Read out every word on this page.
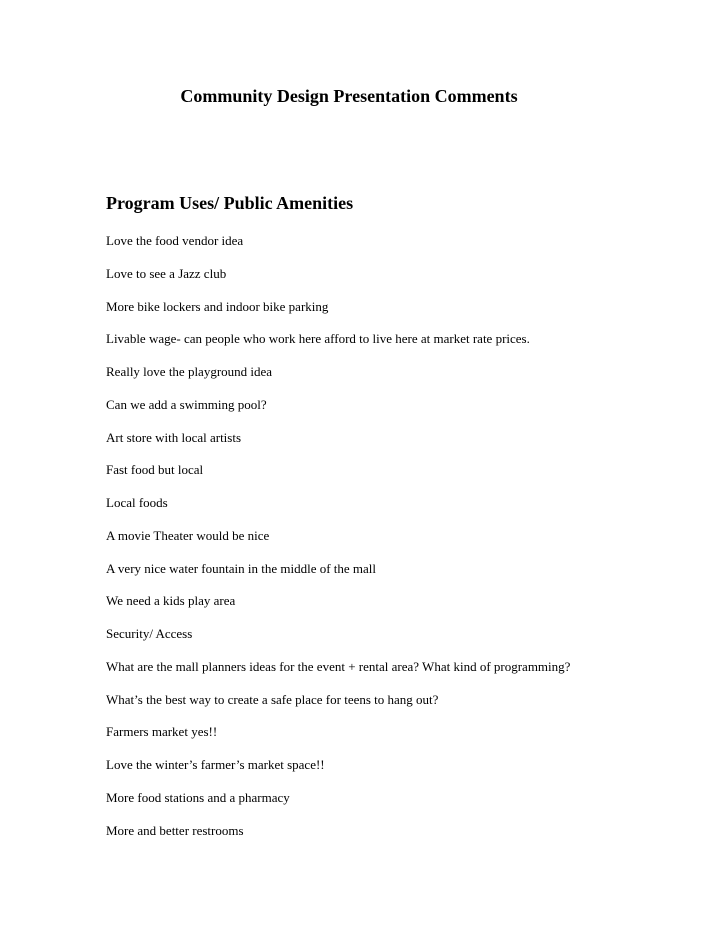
Community Design Presentation Comments
Program Uses/ Public Amenities
Love the food vendor idea
Love to see a Jazz club
More bike lockers and indoor bike parking
Livable wage- can people who work here afford to live here at market rate prices.
Really love the playground idea
Can we add a swimming pool?
Art store with local artists
Fast food but local
Local foods
A movie Theater would be nice
A very nice water fountain in the middle of the mall
We need a kids play area
Security/ Access
What are the mall planners ideas for the event + rental area? What kind of programming?
What’s the best way to create a safe place for teens to hang out?
Farmers market yes!!
Love the winter’s farmer’s market space!!
More food stations and a pharmacy
More and better restrooms
